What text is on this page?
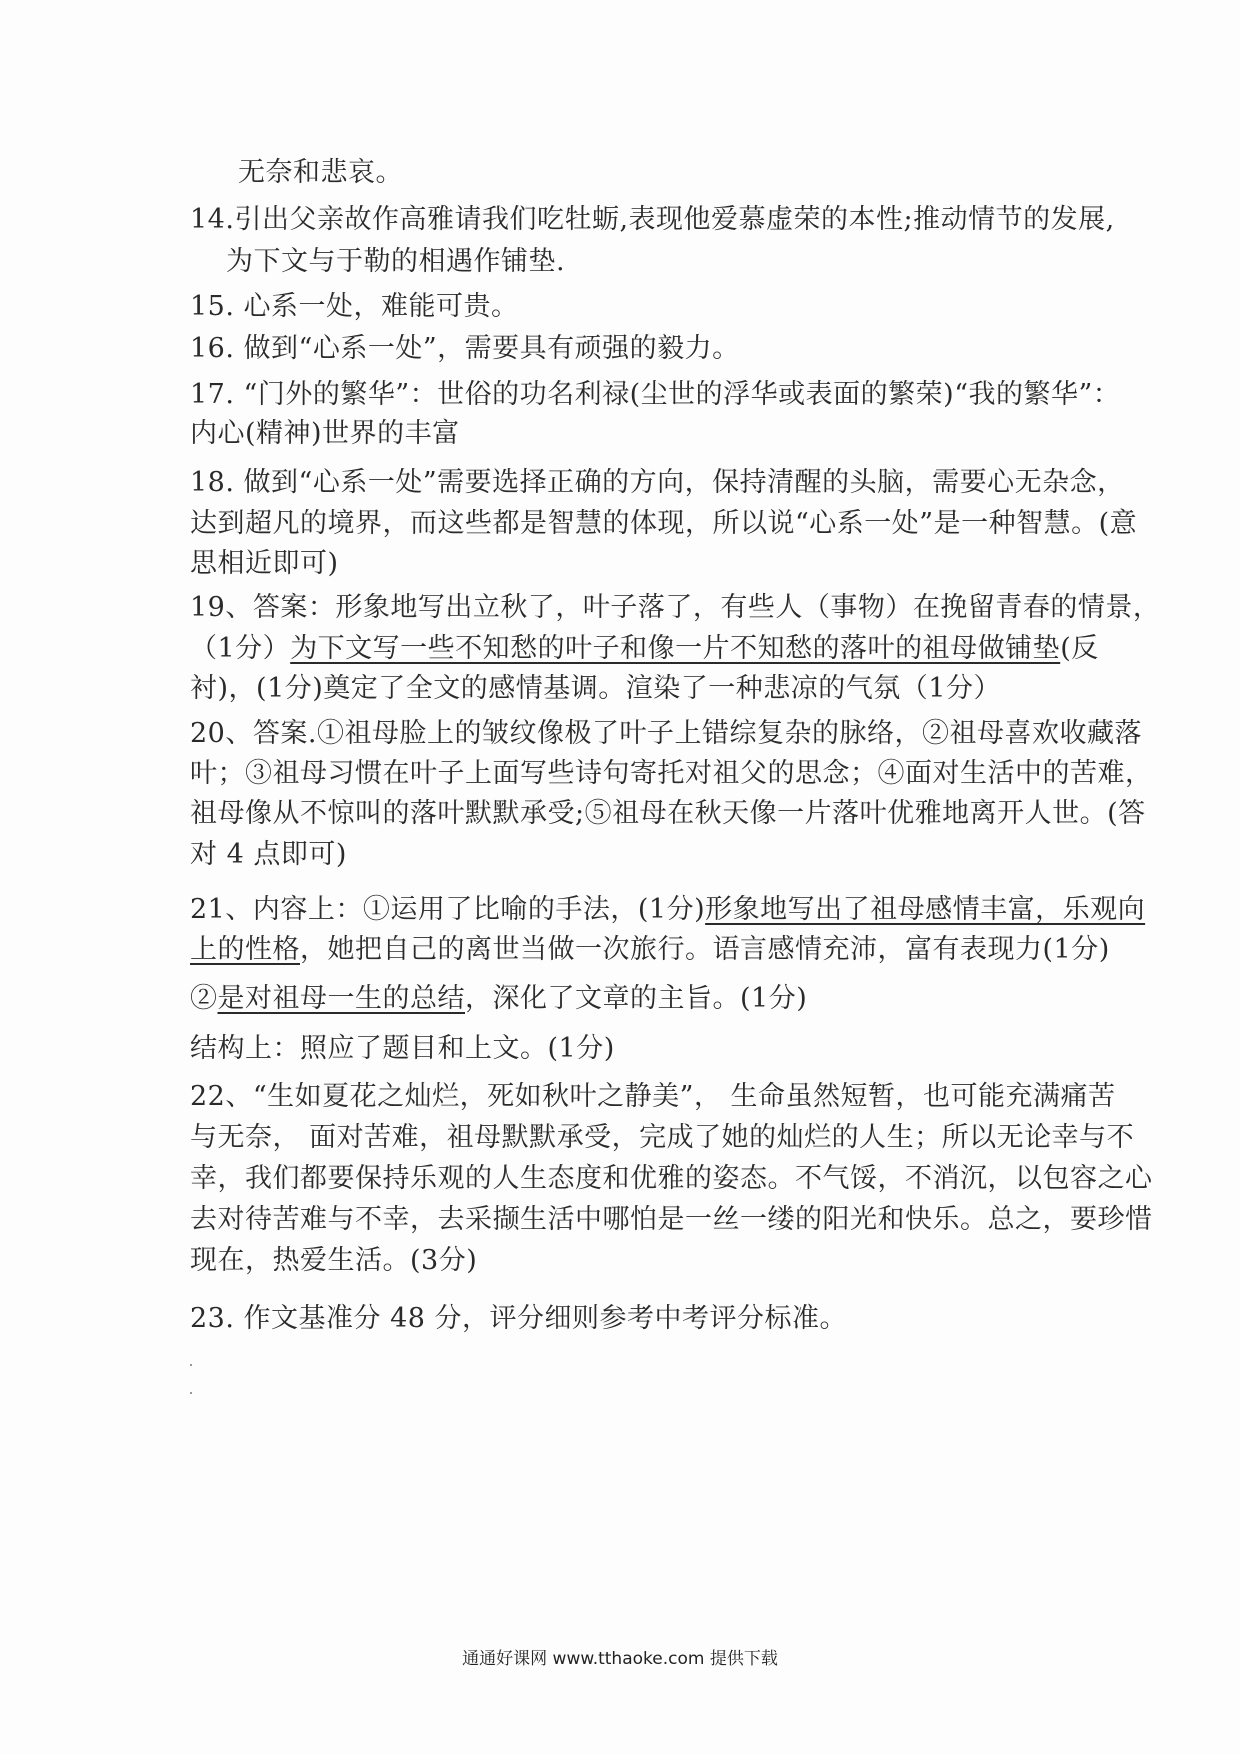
无奈和悲哀。
14.引出父亲故作高雅请我们吃牡蛎,表现他爱慕虚荣的本性;推动情节的发展,
为下文与于勒的相遇作铺垫.
15. 心系一处，难能可贵。
16. 做到“心系一处”，需要具有顽强的毅力。
17. “门外的繁华”：世俗的功名利禄(尘世的浮华或表面的繁荣)“我的繁华”：
内心(精神)世界的丰富
18. 做到“心系一处”需要选择正确的方向，保持清醒的头脑，需要心无杂念，
达到超凡的境界，而这些都是智慧的体现，所以说“心系一处”是一种智慧。(意
思相近即可)
19、答案：形象地写出立秋了，叶子落了，有些人（事物）在挽留青春的情景，
（1分）为下文写一些不知愁的叶子和像一片不知愁的落叶的祖母做铺垫(反
衬)，(1分)奠定了全文的感情基调。渲染了一种悲凉的气氛（1分）
20、答案.①祖母脸上的皱纹像极了叶子上错综复杂的脉络，②祖母喜欢收藏落
叶；③祖母习惯在叶子上面写些诗句寄托对祖父的思念；④面对生活中的苦难，
祖母像从不惊叫的落叶默默承受;⑤祖母在秋天像一片落叶优雅地离开人世。(答
对 4 点即可)
21、内容上：①运用了比喻的手法，(1分)形象地写出了祖母感情丰富，乐观向
上的性格，她把自己的离世当做一次旅行。语言感情充沛，富有表现力(1分)
②是对祖母一生的总结，深化了文章的主旨。(1分)
结构上：照应了题目和上文。(1分)
22、“生如夏花之灿烂，死如秋叶之静美”， 生命虽然短暂，也可能充满痛苦
与无奈， 面对苦难，祖母默默承受，完成了她的灿烂的人生；所以无论幸与不
幸，我们都要保持乐观的人生态度和优雅的姿态。不气馁，不消沉，以包容之心
去对待苦难与不幸，去采撷生活中哪怕是一丝一缕的阳光和快乐。总之，要珍惜
现在，热爱生活。(3分)
23. 作文基准分 48 分，评分细则参考中考评分标准。
通通好课网 www.tthaoke.com 提供下载
